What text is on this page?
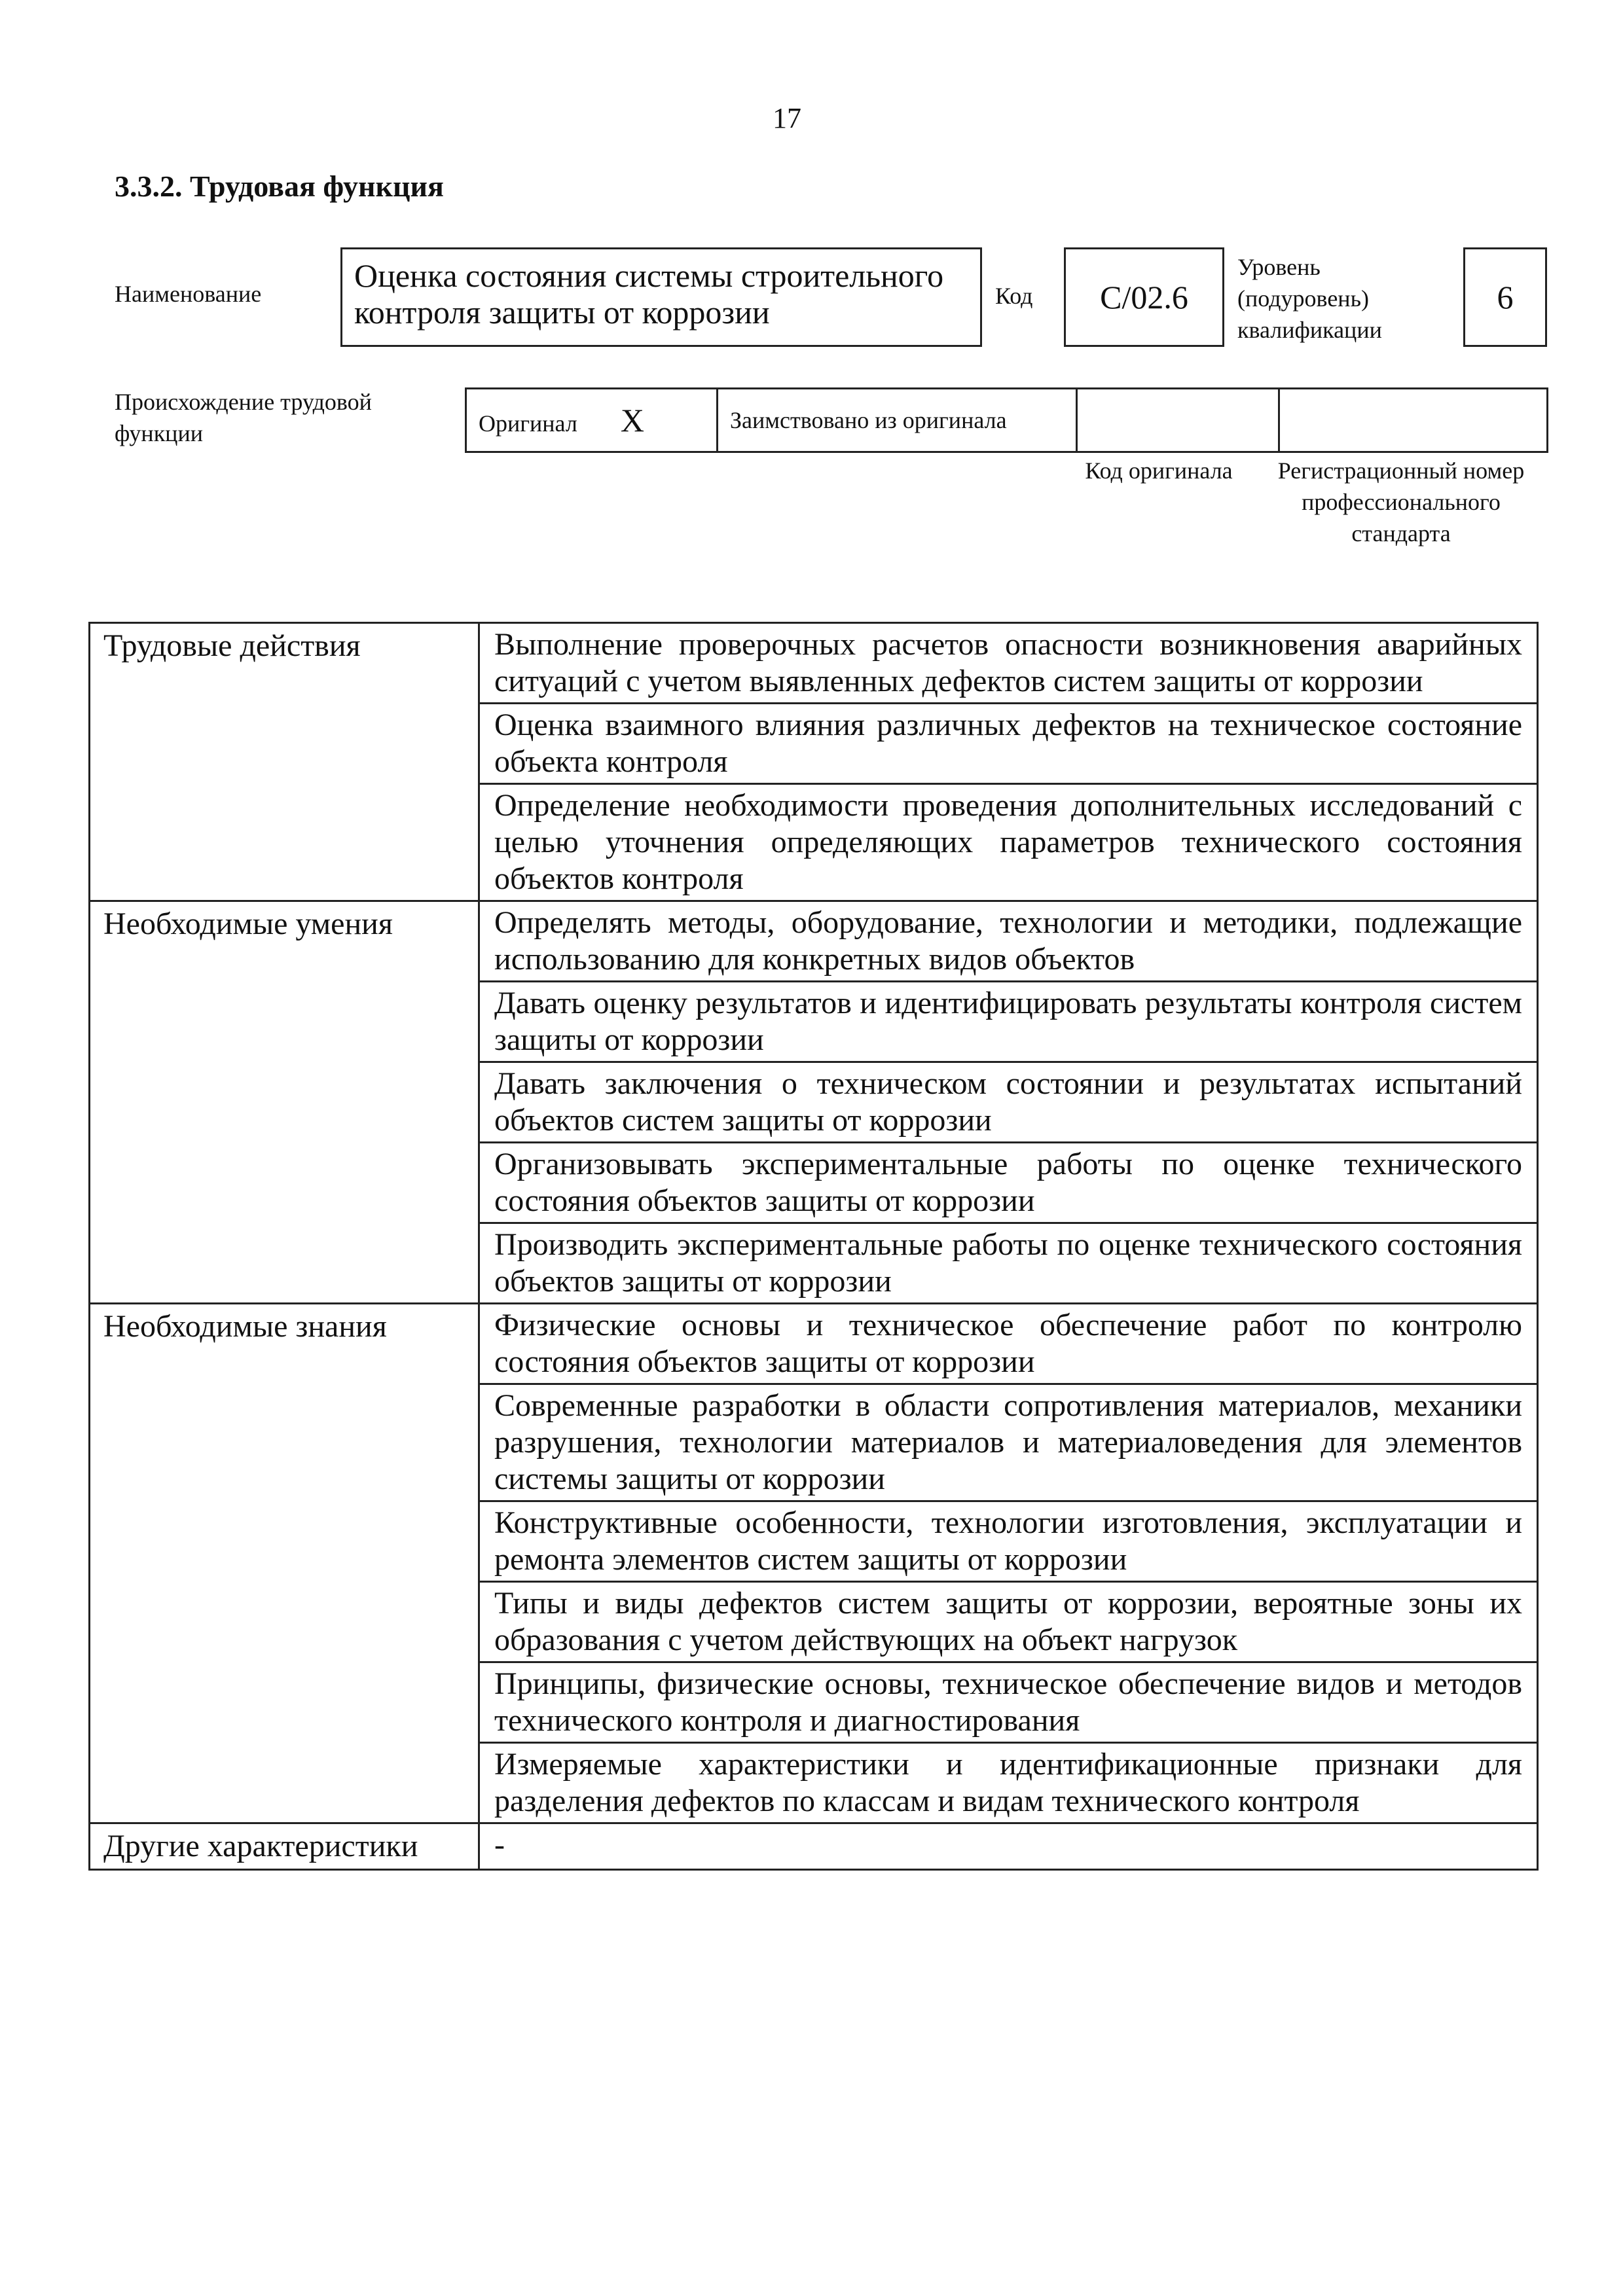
17
3.3.2. Трудовая функция
Наименование	Оценка состояния системы строительного контроля защиты от коррозии	Код C/02.6
Уровень (подуровень) квалификации
6
Происхождение трудовой функции	Оригинал X	Заимствовано из оригинала		
Код оригинала	Регистрационный номер профессионального стандарта
Трудовые действия	Выполнение проверочных расчетов опасности возникновения аварийных ситуаций с учетом выявленных дефектов систем защиты от коррозии
	Оценка взаимного влияния различных дефектов на техническое состояние объекта контроля
	Определение необходимости проведения дополнительных исследований с целью уточнения определяющих параметров технического состояния объектов контроля
Необходимые умения	Определять методы, оборудование, технологии и методики, подлежащие использованию для конкретных видов объектов
	Давать оценку результатов и идентифицировать результаты контроля систем защиты от коррозии
	Давать заключения о техническом состоянии и результатах испытаний объектов систем защиты от коррозии
	Организовывать экспериментальные работы по оценке технического состояния объектов защиты от коррозии
	Производить экспериментальные работы по оценке технического состояния объектов защиты от коррозии
Необходимые знания	Физические основы и техническое обеспечение работ по контролю состояния объектов защиты от коррозии
	Современные разработки в области сопротивления материалов, механики разрушения, технологии материалов и материаловедения для элементов системы защиты от коррозии
	Конструктивные особенности, технологии изготовления, эксплуатации и ремонта элементов систем защиты от коррозии
	Типы и виды дефектов систем защиты от коррозии, вероятные зоны их образования с учетом действующих на объект нагрузок
	Принципы, физические основы, техническое обеспечение видов и методов технического контроля и диагностирования
	Измеряемые характеристики и идентификационные признаки для разделения дефектов по классам и видам технического контроля
Другие характеристики	-
